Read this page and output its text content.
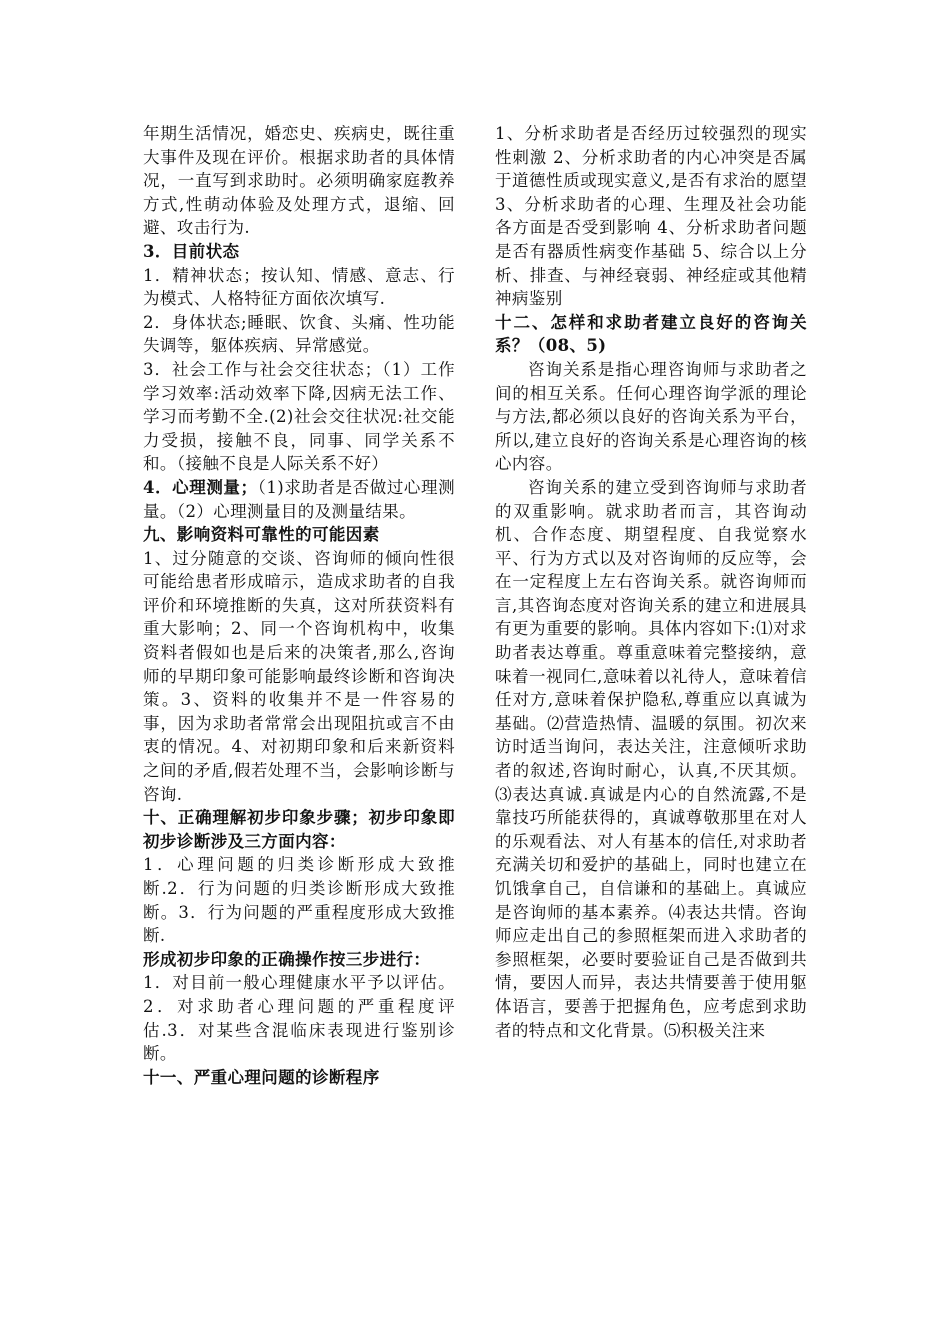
年期生活情况，婚恋史、疾病史，既往重大事件及现在评价。根据求助者的具体情况，一直写到求助时。必须明确家庭教养方式,性萌动体验及处理方式，退缩、回避、攻击行为.

3．目前状态

1．精神状态；按认知、情感、意志、行为模式、人格特征方面依次填写.

2．身体状态;睡眠、饮食、头痛、性功能失调等，躯体疾病、异常感觉。

3．社会工作与社会交往状态；（1）工作学习效率:活动效率下降,因病无法工作、学习而考勤不全.(2)社会交往状况:社交能力受损，接触不良，同事、同学关系不和。（接触不良是人际关系不好）

4．心理测量；（1)求助者是否做过心理测量。（2）心理测量目的及测量结果。

九、影响资料可靠性的可能因素

1、过分随意的交谈、咨询师的倾向性很可能给患者形成暗示，造成求助者的自我评价和环境推断的失真，这对所获资料有重大影响；2、同一个咨询机构中，收集资料者假如也是后来的决策者,那么,咨询师的早期印象可能影响最终诊断和咨询决策。3、资料的收集并不是一件容易的事，因为求助者常常会出现阻抗或言不由衷的情况。4、对初期印象和后来新资料之间的矛盾,假若处理不当，会影响诊断与咨询.

十、正确理解初步印象步骤；初步印象即初步诊断涉及三方面内容：

1．心理问题的归类诊断形成大致推断.2．行为问题的归类诊断形成大致推断。3．行为问题的严重程度形成大致推断.

形成初步印象的正确操作按三步进行：

1．对目前一般心理健康水平予以评估。2．对求助者心理问题的严重程度评估.3．对某些含混临床表现进行鉴别诊断。

十一、严重心理问题的诊断程序

1、分析求助者是否经历过较强烈的现实性刺激 2、分析求助者的内心冲突是否属于道德性质或现实意义,是否有求治的愿望 3、分析求助者的心理、生理及社会功能各方面是否受到影响 4、分析求助者问题是否有器质性病变作基础 5、综合以上分析、排查、与神经衰弱、神经症或其他精神病鉴别

十二、怎样和求助者建立良好的咨询关系？（08、5)

咨询关系是指心理咨询师与求助者之间的相互关系。任何心理咨询学派的理论与方法,都必须以良好的咨询关系为平台，所以,建立良好的咨询关系是心理咨询的核心内容。

咨询关系的建立受到咨询师与求助者的双重影响。就求助者而言，其咨询动机、合作态度、期望程度、自我觉察水平、行为方式以及对咨询师的反应等，会在一定程度上左右咨询关系。就咨询师而言,其咨询态度对咨询关系的建立和进展具有更为重要的影响。具体内容如下:⑴对求助者表达尊重。尊重意味着完整接纳，意味着一视同仁,意味着以礼待人，意味着信任对方,意味着保护隐私,尊重应以真诚为基础。⑵营造热情、温暖的氛围。初次来访时适当询问，表达关注，注意倾听求助者的叙述,咨询时耐心，认真,不厌其烦。⑶表达真诚.真诚是内心的自然流露,不是靠技巧所能获得的，真诚尊敬那里在对人的乐观看法、对人有基本的信任,对求助者充满关切和爱护的基础上，同时也建立在饥饿拿自己，自信谦和的基础上。真诚应是咨询师的基本素养。⑷表达共情。咨询师应走出自己的参照框架而进入求助者的参照框架，必要时要验证自己是否做到共情，要因人而异，表达共情要善于使用躯体语言，要善于把握角色，应考虑到求助者的特点和文化背景。⑸积极关注来
